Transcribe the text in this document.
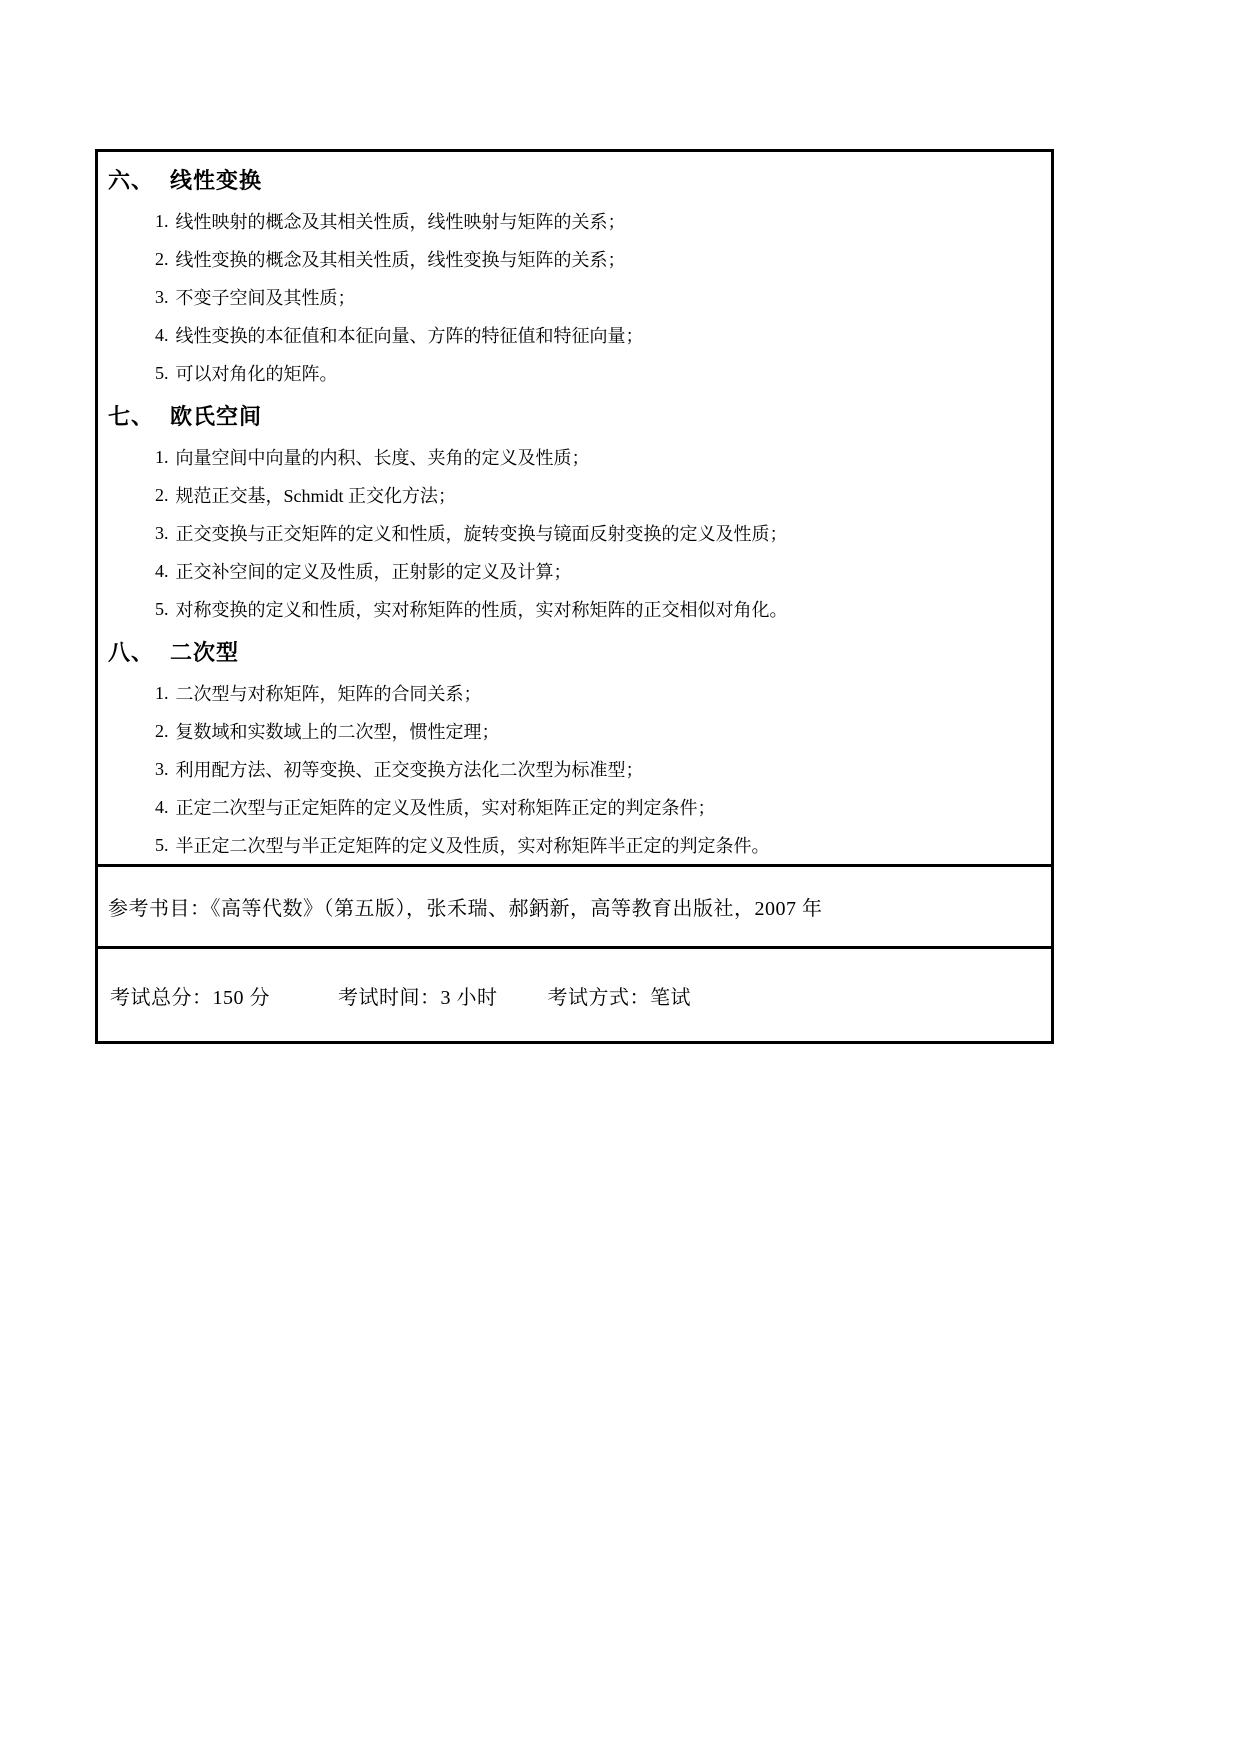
六、 线性变换
1. 线性映射的概念及其相关性质，线性映射与矩阵的关系；
2. 线性变换的概念及其相关性质，线性变换与矩阵的关系；
3. 不变子空间及其性质；
4. 线性变换的本征值和本征向量、方阵的特征值和特征向量；
5. 可以对角化的矩阵。
七、 欧氏空间
1. 向量空间中向量的内积、长度、夹角的定义及性质；
2. 规范正交基，Schmidt 正交化方法；
3. 正交变换与正交矩阵的定义和性质，旋转变换与镜面反射变换的定义及性质；
4. 正交补空间的定义及性质，正射影的定义及计算；
5. 对称变换的定义和性质，实对称矩阵的性质，实对称矩阵的正交相似对角化。
八、 二次型
1. 二次型与对称矩阵，矩阵的合同关系；
2. 复数域和实数域上的二次型，惯性定理；
3. 利用配方法、初等变换、正交变换方法化二次型为标准型；
4. 正定二次型与正定矩阵的定义及性质，实对称矩阵正定的判定条件；
5. 半正定二次型与半正定矩阵的定义及性质，实对称矩阵半正定的判定条件。
参考书目：《高等代数》（第五版），张禾瑞、郝鈵新，高等教育出版社，2007 年
考试总分：150 分	考试时间：3 小时	考试方式：笔试
